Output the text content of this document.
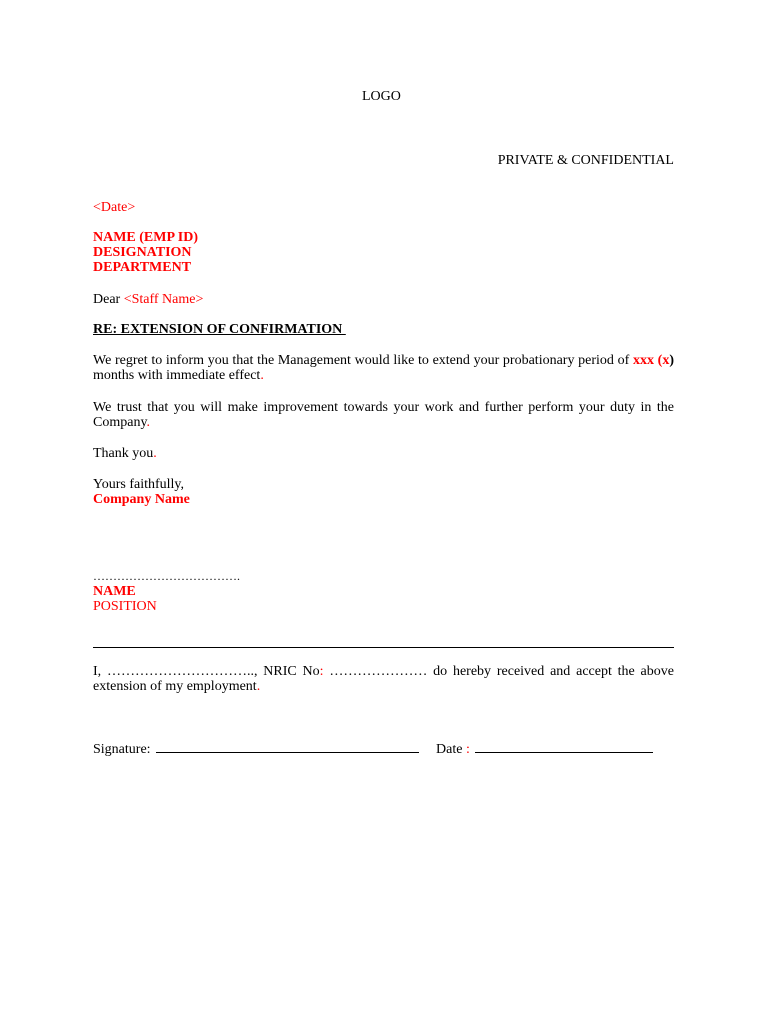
LOGO
PRIVATE & CONFIDENTIAL
<Date>
NAME (EMP ID)
DESIGNATION
DEPARTMENT
Dear <Staff Name>
RE: EXTENSION OF CONFIRMATION
We regret to inform you that the Management would like to extend your probationary period of xxx (x) months with immediate effect.
We trust that you will make improvement towards your work and further perform your duty in the Company.
Thank you.
Yours faithfully,
Company Name
……………………………….
NAME
POSITION
I, ………………………….., NRIC No: ………………… do hereby received and accept the above extension of my employment.
Signature:	Date :
